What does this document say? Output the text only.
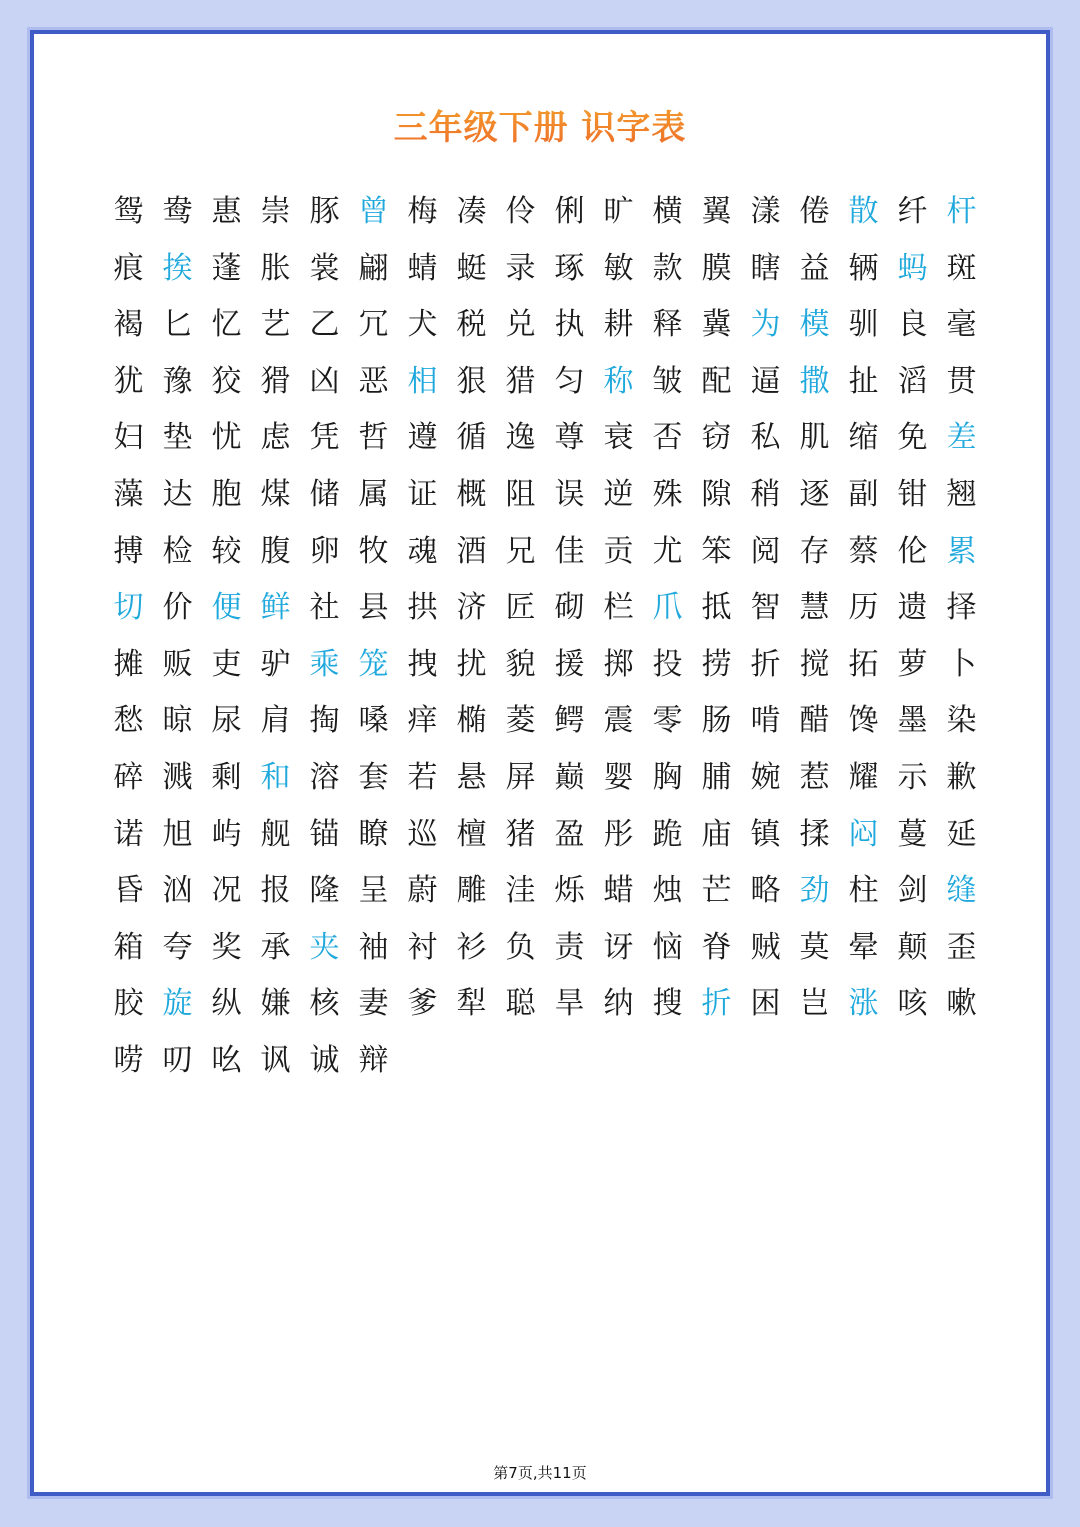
三年级下册 识字表
鸳 鸯 惠 崇 豚 曾 梅 凑 伶 俐 旷 横 翼 漾 倦 散 纤 杆
痕 挨 蓬 胀 裳 翩 蜻 蜓 录 琢 敏 款 膜 瞎 益 辆 蚂 斑
褐 匕 忆 艺 乙 冗 犬 税 兑 执 耕 释 冀 为 模 驯 良 毫
犹 豫 狡 猾 凶 恶 相 狠 猎 匀 称 皱 配 逼 撒 扯 滔 贯
妇 垫 忧 虑 凭 哲 遵 循 逸 尊 衰 否 窃 私 肌 缩 免 差
藻 达 胞 煤 储 属 证 概 阻 误 逆 殊 隙 稍 逐 副 钳 翘
搏 检 较 腹 卵 牧 魂 酒 兄 佳 贡 尤 笨 阅 存 蔡 伦 累
切 价 便 鲜 社 县 拱 济 匠 砌 栏 爪 抵 智 慧 历 遗 择
摊 贩 吏 驴 乘 笼 拽 扰 貌 援 掷 投 捞 折 搅 拓 萝 卜
愁 晾 尿 肩 掏 嗓 痒 椭 菱 鳄 震 零 肠 啃 醋 馋 墨 染
碎 溅 剩 和 溶 套 若 悬 屏 巅 婴 胸 脯 婉 惹 耀 示 歉
诺 旭 屿 舰 锚 瞭 巡 檀 猪 盈 彤 跪 庙 镇 揉 闷 蔓 延
昏 汹 况 报 隆 呈 蔚 雕 洼 烁 蜡 烛 芒 略 劲 柱 剑 缝
箱 夸 奖 承 夹 袖 衬 衫 负 责 讶 恼 脊 贼 莫 晕 颠 歪
胶 旋 纵 嫌 核 妻 爹 犁 聪 旱 纳 搜 折 困 岂 涨 咳 嗽
唠 叨 吆 讽 诚 辩
第7页,共11页
